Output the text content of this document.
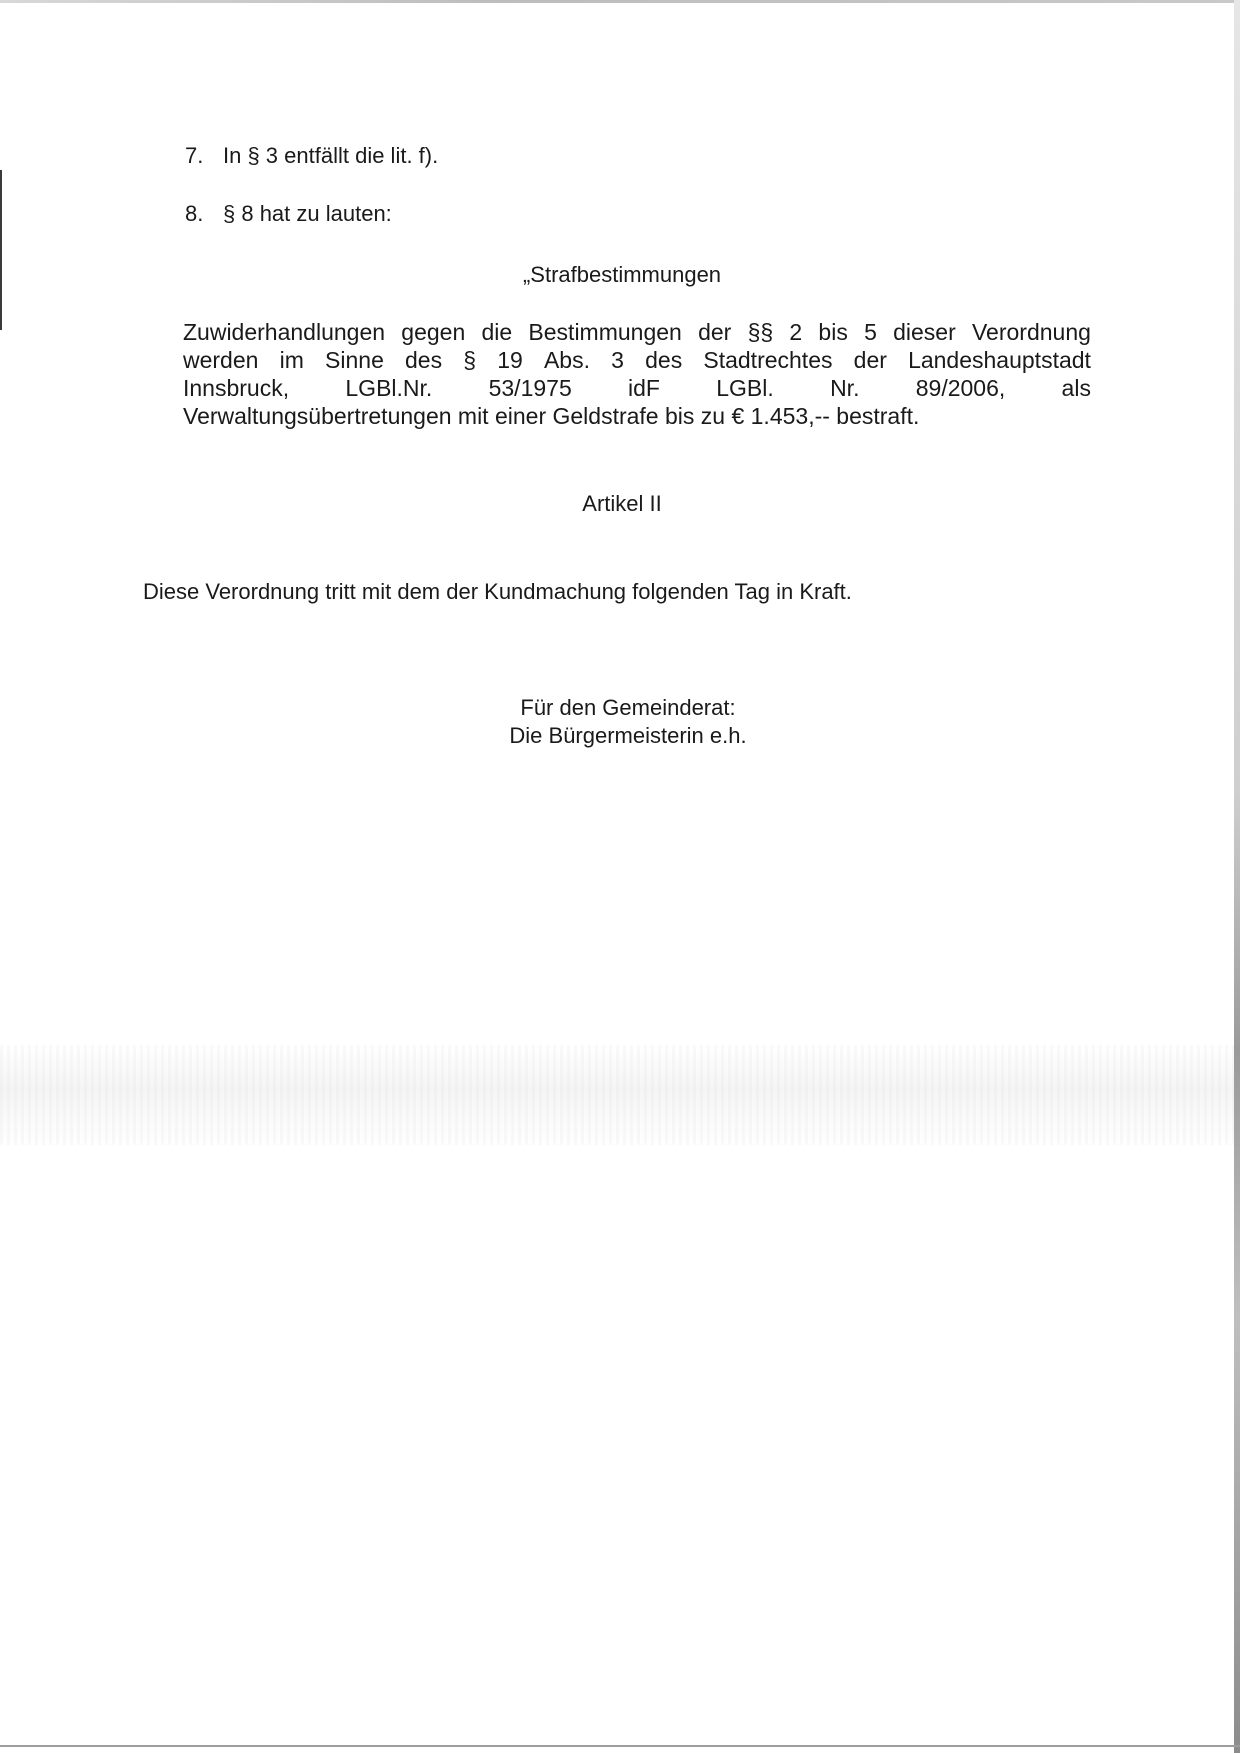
7. In § 3 entfällt die lit. f).

8. § 8 hat zu lauten:

„Strafbestimmungen

Zuwiderhandlungen gegen die Bestimmungen der §§ 2 bis 5 dieser Verordnung
werden im Sinne des § 19 Abs. 3 des Stadtrechtes der Landeshauptstadt
Innsbruck, LGBl.Nr. 53/1975 idF LGBl. Nr. 89/2006, als
Verwaltungsübertretungen mit einer Geldstrafe bis zu € 1.453,-- bestraft.

Artikel II

Diese Verordnung tritt mit dem der Kundmachung folgenden Tag in Kraft.

Für den Gemeinderat:

Die Bürgermeisterin e.h.
